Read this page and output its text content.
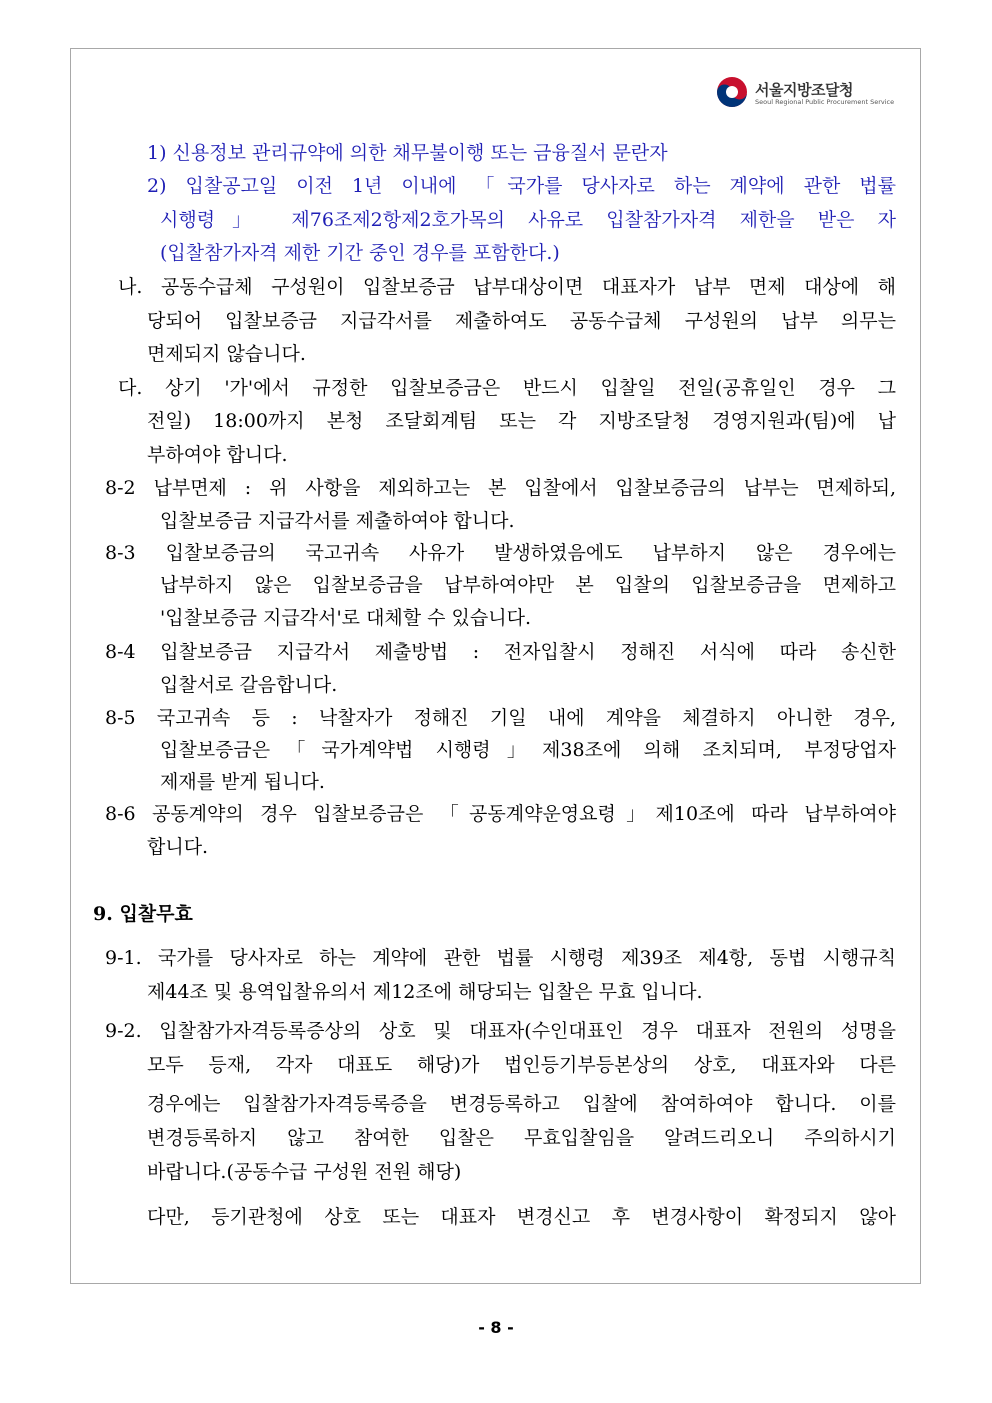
서울지방조달청
Seoul Regional Public Procurement Service
1) 신용정보 관리규약에 의한 채무불이행 또는 금융질서 문란자
2) 입찰공고일 이전 1년 이내에 「국가를 당사자로 하는 계약에 관한 법률
시행령」 제76조제2항제2호가목의 사유로 입찰참가자격 제한을 받은 자
(입찰참가자격 제한 기간 중인 경우를 포함한다.)
나. 공동수급체 구성원이 입찰보증금 납부대상이면 대표자가 납부 면제 대상에 해
당되어 입찰보증금 지급각서를 제출하여도 공동수급체 구성원의 납부 의무는
면제되지 않습니다.
다. 상기 '가'에서 규정한 입찰보증금은 반드시 입찰일 전일(공휴일인 경우 그
전일) 18:00까지 본청 조달회계팀 또는 각 지방조달청 경영지원과(팀)에 납
부하여야 합니다.
8-2 납부면제 : 위 사항을 제외하고는 본 입찰에서 입찰보증금의 납부는 면제하되,
입찰보증금 지급각서를 제출하여야 합니다.
8-3 입찰보증금의 국고귀속 사유가 발생하였음에도 납부하지 않은 경우에는
납부하지 않은 입찰보증금을 납부하여야만 본 입찰의 입찰보증금을 면제하고
'입찰보증금 지급각서'로 대체할 수 있습니다.
8-4 입찰보증금 지급각서 제출방법 : 전자입찰시 정해진 서식에 따라 송신한
입찰서로 갈음합니다.
8-5 국고귀속 등 : 낙찰자가 정해진 기일 내에 계약을 체결하지 아니한 경우,
입찰보증금은「국가계약법 시행령」제38조에 의해 조치되며, 부정당업자
제재를 받게 됩니다.
8-6 공동계약의 경우 입찰보증금은 「공동계약운영요령」제10조에 따라 납부하여야
합니다.
9. 입찰무효
9-1. 국가를 당사자로 하는 계약에 관한 법률 시행령 제39조 제4항, 동법 시행규칙
제44조 및 용역입찰유의서 제12조에 해당되는 입찰은 무효 입니다.
9-2. 입찰참가자격등록증상의 상호 및 대표자(수인대표인 경우 대표자 전원의 성명을
모두 등재, 각자 대표도 해당)가 법인등기부등본상의 상호, 대표자와 다른
경우에는 입찰참가자격등록증을 변경등록하고 입찰에 참여하여야 합니다. 이를
변경등록하지 않고 참여한 입찰은 무효입찰임을 알려드리오니 주의하시기
바랍니다.(공동수급 구성원 전원 해당)
다만, 등기관청에 상호 또는 대표자 변경신고 후 변경사항이 확정되지 않아
- 8 -
